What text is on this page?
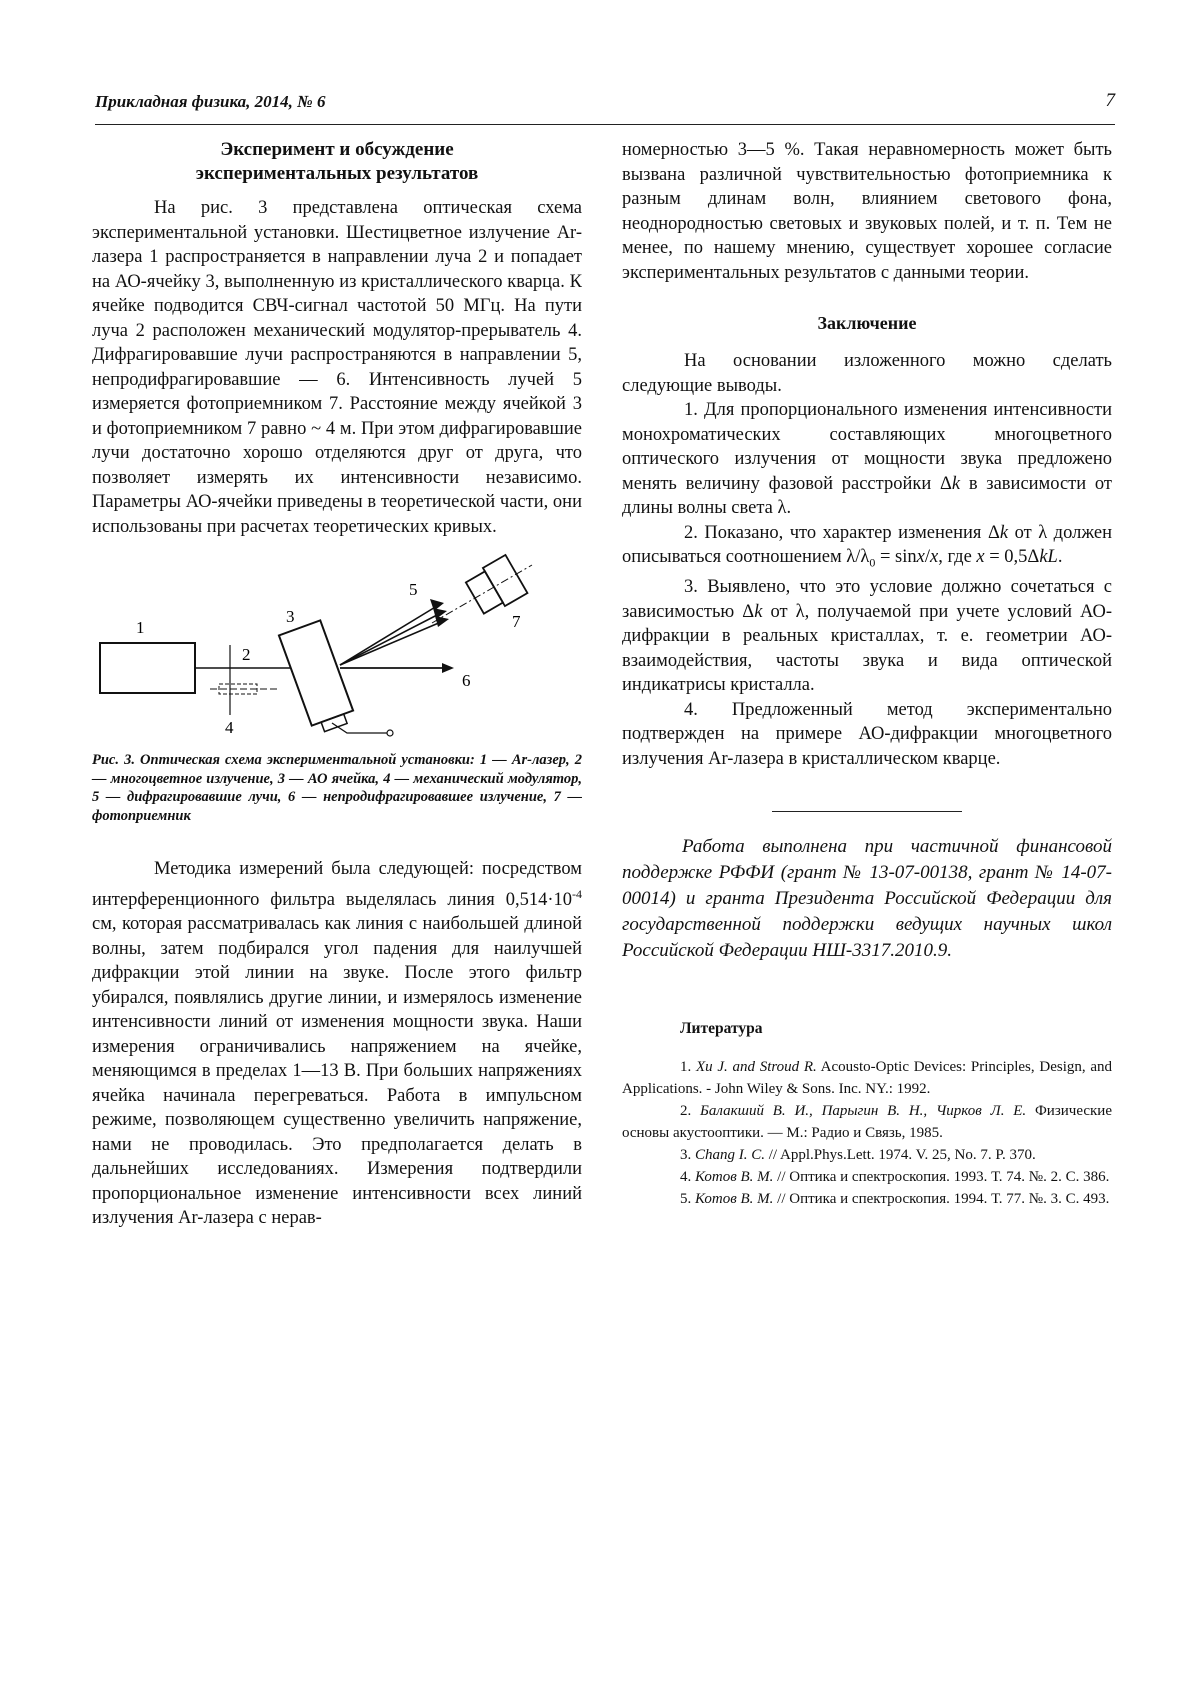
Прикладная физика, 2014, № 6	7
Эксперимент и обсуждение
экспериментальных результатов

На рис. 3 представлена оптическая схема экспериментальной установки. Шестицветное излучение Ar-лазера 1 распространяется в направлении луча 2 и попадает на АО-ячейку 3, выполненную из кристаллического кварца. К ячейке подводится СВЧ-сигнал частотой 50 МГц. На пути луча 2 расположен механический модулятор-прерыватель 4. Дифрагировавшие лучи распространяются в направлении 5, непродифрагировавшие — 6. Интенсивность лучей 5 измеряется фотоприемником 7. Расстояние между ячейкой 3 и фотоприемником 7 равно ~ 4 м. При этом дифрагировавшие лучи достаточно хорошо отделяются друг от друга, что позволяет измерять их интенсивности независимо. Параметры АО-ячейки приведены в теоретической части, они использованы при расчетах теоретических кривых.

1
2
3
4
5
6
7
Рис. 3. Оптическая схема экспериментальной установки: 1 — Ar-лазер, 2 — многоцветное излучение, 3 — АО ячейка, 4 — механический модулятор, 5 — дифрагировавшие лучи, 6 — непродифрагировавшее излучение, 7 — фотоприемник

Методика измерений была следующей: посредством интерференционного фильтра выделялась линия $0,514\cdot 10^{-4}$ см, которая рассматривалась как линия с наибольшей длиной волны, затем подбирался угол падения для наилучшей дифракции этой линии на звуке. После этого фильтр убирался, появлялись другие линии, и измерялось изменение интенсивности линий от изменения мощности звука. Наши измерения ограничивались напряжением на ячейке, меняющимся в пределах 1—13 В. При больших напряжениях ячейка начинала перегреваться. Работа в импульсном режиме, позволяющем существенно увеличить напряжение, нами не проводилась. Это предполагается делать в дальнейших исследованиях. Измерения подтвердили пропорциональное изменение интенсивности всех линий излучения Ar-лазера с нерав-

номерностью 3—5 %. Такая неравномерность может быть вызвана различной чувствительностью фотоприемника к разным длинам волн, влиянием светового фона, неоднородностью световых и звуковых полей, и т. п. Тем не менее, по нашему мнению, существует хорошее согласие экспериментальных результатов с данными теории.

Заключение

На основании изложенного можно сделать следующие выводы.

1. Для пропорционального изменения интенсивности монохроматических составляющих многоцветного оптического излучения от мощности звука предложено менять величину фазовой расстройки Δk в зависимости от длины волны света λ.

2. Показано, что характер изменения Δk от λ должен описываться соотношением $\lambda/\lambda_0 = \sin x/x$, где x = 0,5ΔkL.

3. Выявлено, что это условие должно сочетаться с зависимостью Δk от λ, получаемой при учете условий АО-дифракции в реальных кристаллах, т. е. геометрии АО-взаимодействия, частоты звука и вида оптической индикатрисы кристалла.

4. Предложенный метод экспериментально подтвержден на примере АО-дифракции многоцветного излучения Ar-лазера в кристаллическом кварце.

Работа выполнена при частичной финансовой поддержке РФФИ (грант № 13-07-00138, грант № 14-07-00014) и гранта Президента Российской Федерации для государственной поддержки ведущих научных школ Российской Федерации НШ-3317.2010.9.

Литература

1. Xu J. and Stroud R. Acousto-Optic Devices: Principles, Design, and Applications. - John Wiley & Sons. Inc. NY.: 1992.

2. Балакший В. И., Парыгин В. Н., Чирков Л. Е. Физические основы акустооптики. — М.: Радио и Связь, 1985.

3. Chang I. C. // Appl.Phys.Lett. 1974. V. 25, No. 7. P. 370.

4. Котов В. М. // Оптика и спектроскопия. 1993. Т. 74. №. 2. С. 386.

5. Котов В. М. // Оптика и спектроскопия. 1994. Т. 77. №. 3. С. 493.
